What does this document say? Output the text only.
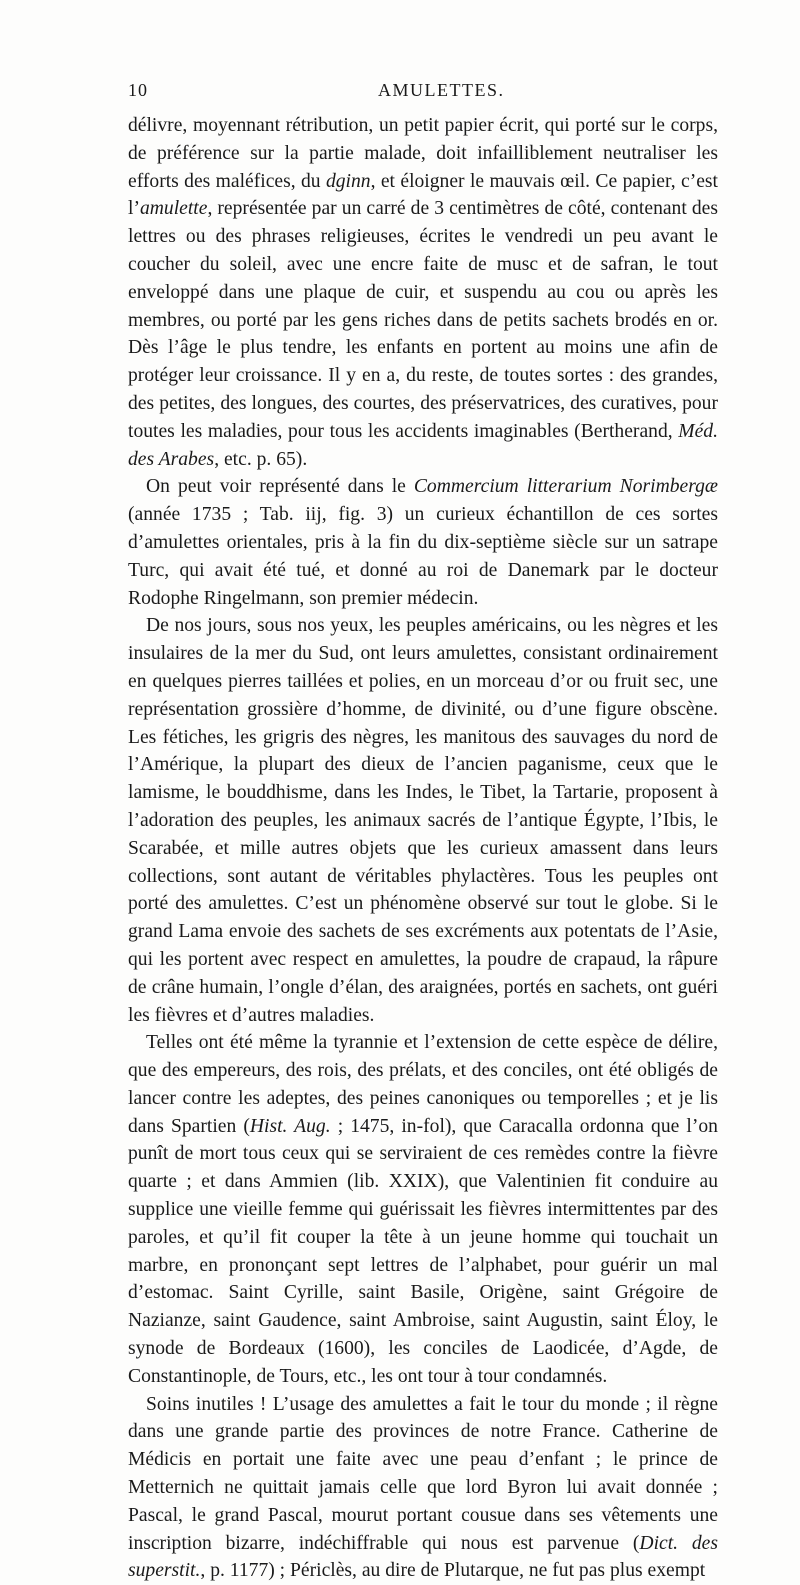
10	AMULETTES.

délivre, moyennant rétribution, un petit papier écrit, qui porté sur le corps, de préférence sur la partie malade, doit infailliblement neutraliser les efforts des maléfices, du dginn, et éloigner le mauvais œil. Ce papier, c’est l’amulette, représentée par un carré de 3 centimètres de côté, contenant des lettres ou des phrases religieuses, écrites le vendredi un peu avant le coucher du soleil, avec une encre faite de musc et de safran, le tout enveloppé dans une plaque de cuir, et suspendu au cou ou après les membres, ou porté par les gens riches dans de petits sachets brodés en or. Dès l’âge le plus tendre, les enfants en portent au moins une afin de protéger leur croissance. Il y en a, du reste, de toutes sortes : des grandes, des petites, des longues, des courtes, des préservatrices, des curatives, pour toutes les maladies, pour tous les accidents imaginables (Bertherand, Méd. des Arabes, etc. p. 65).

On peut voir représenté dans le Commercium litterarium Norimbergæ (année 1735 ; Tab. iij, fig. 3) un curieux échantillon de ces sortes d’amulettes orientales, pris à la fin du dix-septième siècle sur un satrape Turc, qui avait été tué, et donné au roi de Danemark par le docteur Rodophe Ringelmann, son premier médecin.

De nos jours, sous nos yeux, les peuples américains, ou les nègres et les insulaires de la mer du Sud, ont leurs amulettes, consistant ordinairement en quelques pierres taillées et polies, en un morceau d’or ou fruit sec, une représentation grossière d’homme, de divinité, ou d’une figure obscène. Les fétiches, les grigris des nègres, les manitous des sauvages du nord de l’Amérique, la plupart des dieux de l’ancien paganisme, ceux que le lamisme, le bouddhisme, dans les Indes, le Tibet, la Tartarie, proposent à l’adoration des peuples, les animaux sacrés de l’antique Égypte, l’Ibis, le Scarabée, et mille autres objets que les curieux amassent dans leurs collections, sont autant de véritables phylactères. Tous les peuples ont porté des amulettes. C’est un phénomène observé sur tout le globe. Si le grand Lama envoie des sachets de ses excréments aux potentats de l’Asie, qui les portent avec respect en amulettes, la poudre de crapaud, la râpure de crâne humain, l’ongle d’élan, des araignées, portés en sachets, ont guéri les fièvres et d’autres maladies.

Telles ont été même la tyrannie et l’extension de cette espèce de délire, que des empereurs, des rois, des prélats, et des conciles, ont été obligés de lancer contre les adeptes, des peines canoniques ou temporelles ; et je lis dans Spartien (Hist. Aug. ; 1475, in-fol), que Caracalla ordonna que l’on punît de mort tous ceux qui se serviraient de ces remèdes contre la fièvre quarte ; et dans Ammien (lib. XXIX), que Valentinien fit conduire au supplice une vieille femme qui guérissait les fièvres intermittentes par des paroles, et qu’il fit couper la tête à un jeune homme qui touchait un marbre, en prononçant sept lettres de l’alphabet, pour guérir un mal d’estomac. Saint Cyrille, saint Basile, Origène, saint Grégoire de Nazianze, saint Gaudence, saint Ambroise, saint Augustin, saint Éloy, le synode de Bordeaux (1600), les conciles de Laodicée, d’Agde, de Constantinople, de Tours, etc., les ont tour à tour condamnés.

Soins inutiles ! L’usage des amulettes a fait le tour du monde ; il règne dans une grande partie des provinces de notre France. Catherine de Médicis en portait une faite avec une peau d’enfant ; le prince de Metternich ne quittait jamais celle que lord Byron lui avait donnée ; Pascal, le grand Pascal, mourut portant cousue dans ses vêtements une inscription bizarre, indéchiffrable qui nous est parvenue (Dict. des superstit., p. 1177) ; Périclès, au dire de Plutarque, ne fut pas plus exempt
